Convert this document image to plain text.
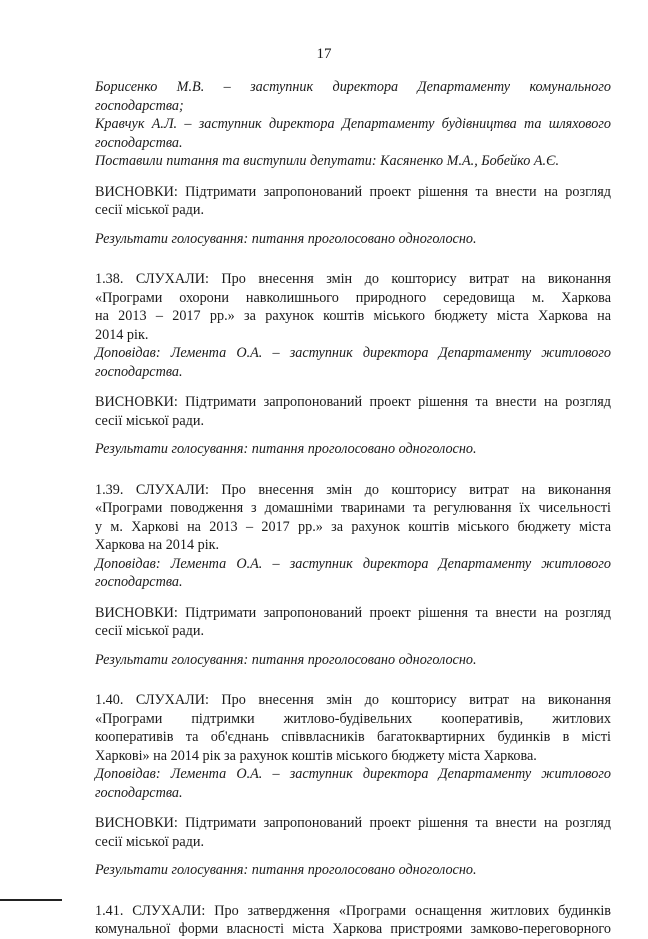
17
Борисенко М.В. – заступник директора Департаменту комунального
господарства;
Кравчук А.Л. – заступник директора Департаменту будівництва та шляхового
господарства.
Поставили питання та виступили депутати: Касяненко М.А., Бобейко А.Є.
ВИСНОВКИ: Підтримати запропонований проект рішення та внести на розгляд
сесії міської ради.
Результати голосування: питання проголосовано одноголосно.
1.38. СЛУХАЛИ: Про внесення змін до кошторису витрат на виконання
«Програми охорони навколишнього природного середовища м. Харкова
на 2013 – 2017 рр.» за рахунок коштів міського бюджету міста Харкова на
2014 рік.
Доповідав: Лемента О.А. – заступник директора Департаменту житлового
господарства.
ВИСНОВКИ: Підтримати запропонований проект рішення та внести на розгляд
сесії міської ради.
Результати голосування: питання проголосовано одноголосно.
1.39. СЛУХАЛИ: Про внесення змін до кошторису витрат на виконання
«Програми поводження з домашніми тваринами та регулювання їх чисельності
у м. Харкові на 2013 – 2017 рр.» за рахунок коштів міського бюджету міста
Харкова на 2014 рік.
Доповідав: Лемента О.А. – заступник директора Департаменту житлового
господарства.
ВИСНОВКИ: Підтримати запропонований проект рішення та внести на розгляд
сесії міської ради.
Результати голосування: питання проголосовано одноголосно.
1.40. СЛУХАЛИ: Про внесення змін до кошторису витрат на виконання
«Програми підтримки житлово-будівельних кооперативів, житлових
кооперативів та об'єднань співвласників багатоквартирних будинків в місті
Харкові» на 2014 рік за рахунок коштів міського бюджету міста Харкова.
Доповідав: Лемента О.А. – заступник директора Департаменту житлового
господарства.
ВИСНОВКИ: Підтримати запропонований проект рішення та внести на розгляд
сесії міської ради.
Результати голосування: питання проголосовано одноголосно.
1.41. СЛУХАЛИ: Про затвердження «Програми оснащення житлових будинків
комунальної форми власності міста Харкова пристроями замково-переговорного
